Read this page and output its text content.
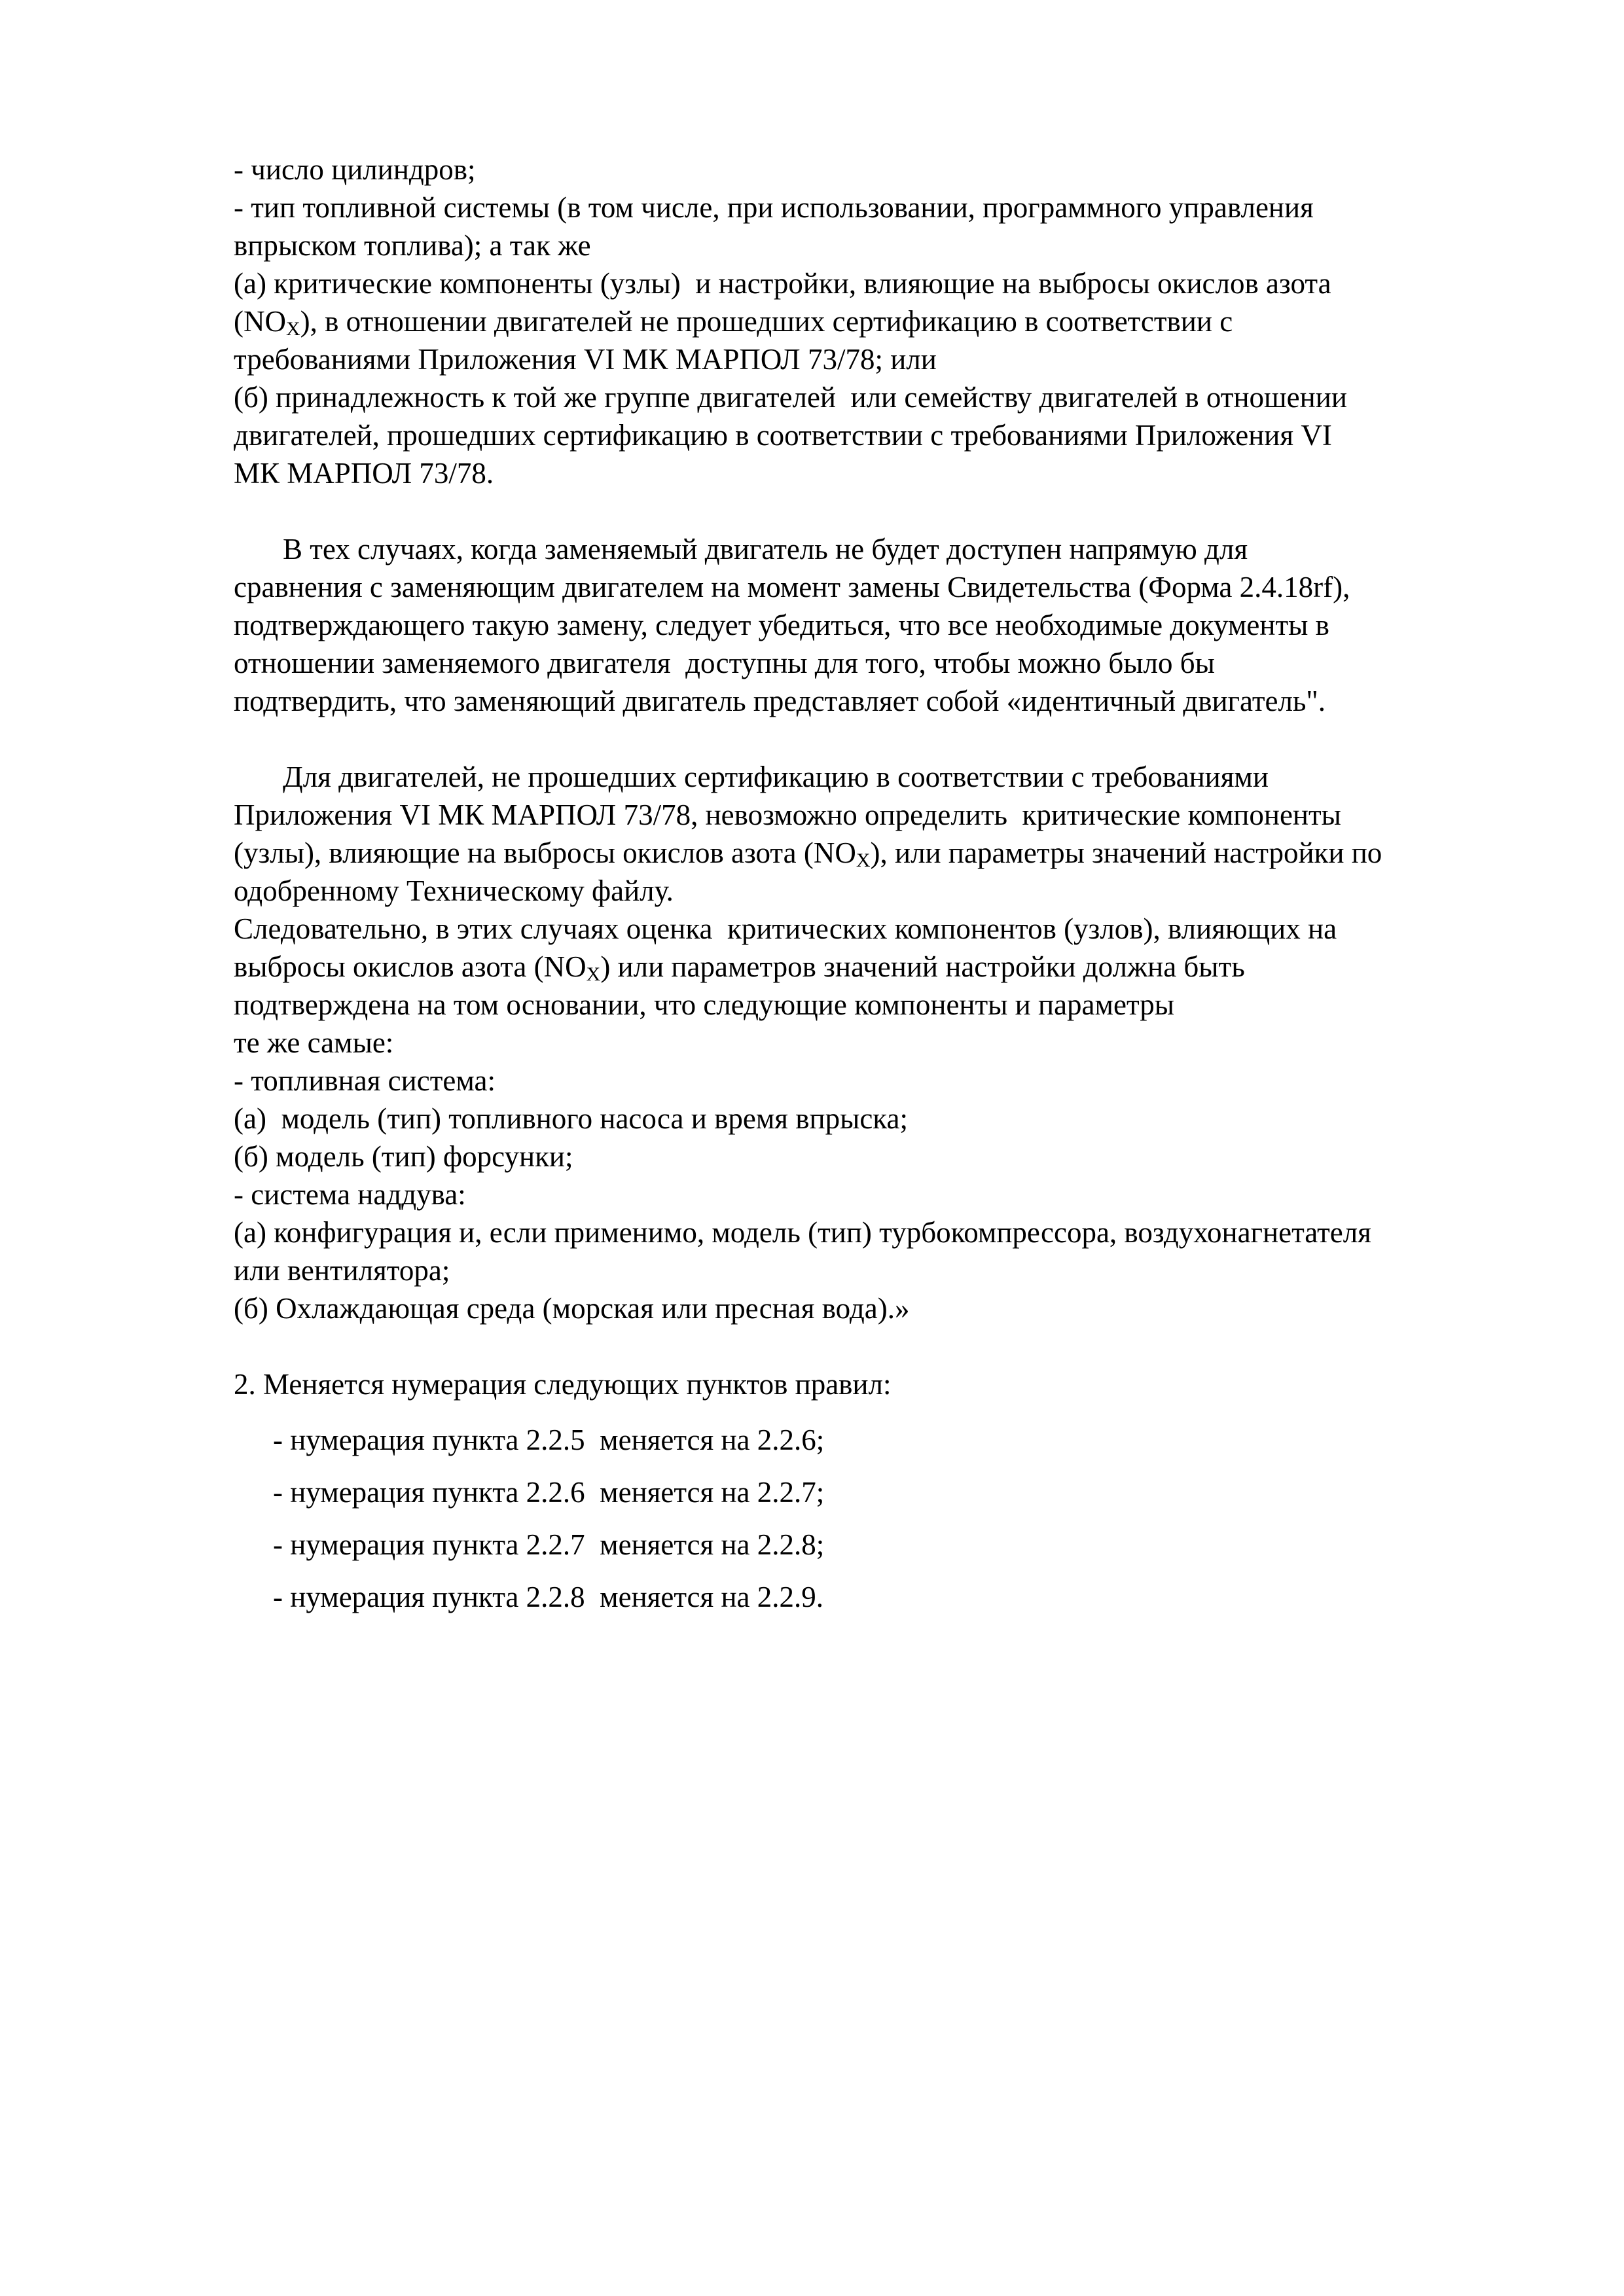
- число цилиндров;
- тип топливной системы (в том числе, при использовании, программного управления
впрыском топлива); а так же
(а) критические компоненты (узлы)  и настройки, влияющие на выбросы окислов азота
$(NO_X)$, в отношении двигателей не прошедших сертификацию в соответствии с
требованиями Приложения VI МК МАРПОЛ 73/78; или
(б) принадлежность к той же группе двигателей  или семейству двигателей в отношении
двигателей, прошедших сертификацию в соответствии с требованиями Приложения VI
МК МАРПОЛ 73/78.
В тех случаях, когда заменяемый двигатель не будет доступен напрямую для
сравнения с заменяющим двигателем на момент замены Свидетельства (Форма 2.4.18rf),
подтверждающего такую замену, следует убедиться, что все необходимые документы в
отношении заменяемого двигателя  доступны для того, чтобы можно было бы
подтвердить, что заменяющий двигатель представляет собой «идентичный двигатель".
Для двигателей, не прошедших сертификацию в соответствии с требованиями
Приложения VI МК МАРПОЛ 73/78, невозможно определить  критические компоненты
(узлы), влияющие на выбросы окислов азота $(NO_X)$, или параметры значений настройки по
одобренному Техническому файлу.
Следовательно, в этих случаях оценка  критических компонентов (узлов), влияющих на
выбросы окислов азота $(NO_X)$ или параметров значений настройки должна быть
подтверждена на том основании, что следующие компоненты и параметры
те же самые:
- топливная система:
(а)  модель (тип) топливного насоса и время впрыска;
(б) модель (тип) форсунки;
- система наддува:
(а) конфигурация и, если применимо, модель (тип) турбокомпрессора, воздухонагнетателя
или вентилятора;
(б) Охлаждающая среда (морская или пресная вода).»
2. Меняется нумерация следующих пунктов правил:
- нумерация пункта 2.2.5  меняется на 2.2.6;
- нумерация пункта 2.2.6  меняется на 2.2.7;
- нумерация пункта 2.2.7  меняется на 2.2.8;
- нумерация пункта 2.2.8  меняется на 2.2.9.
